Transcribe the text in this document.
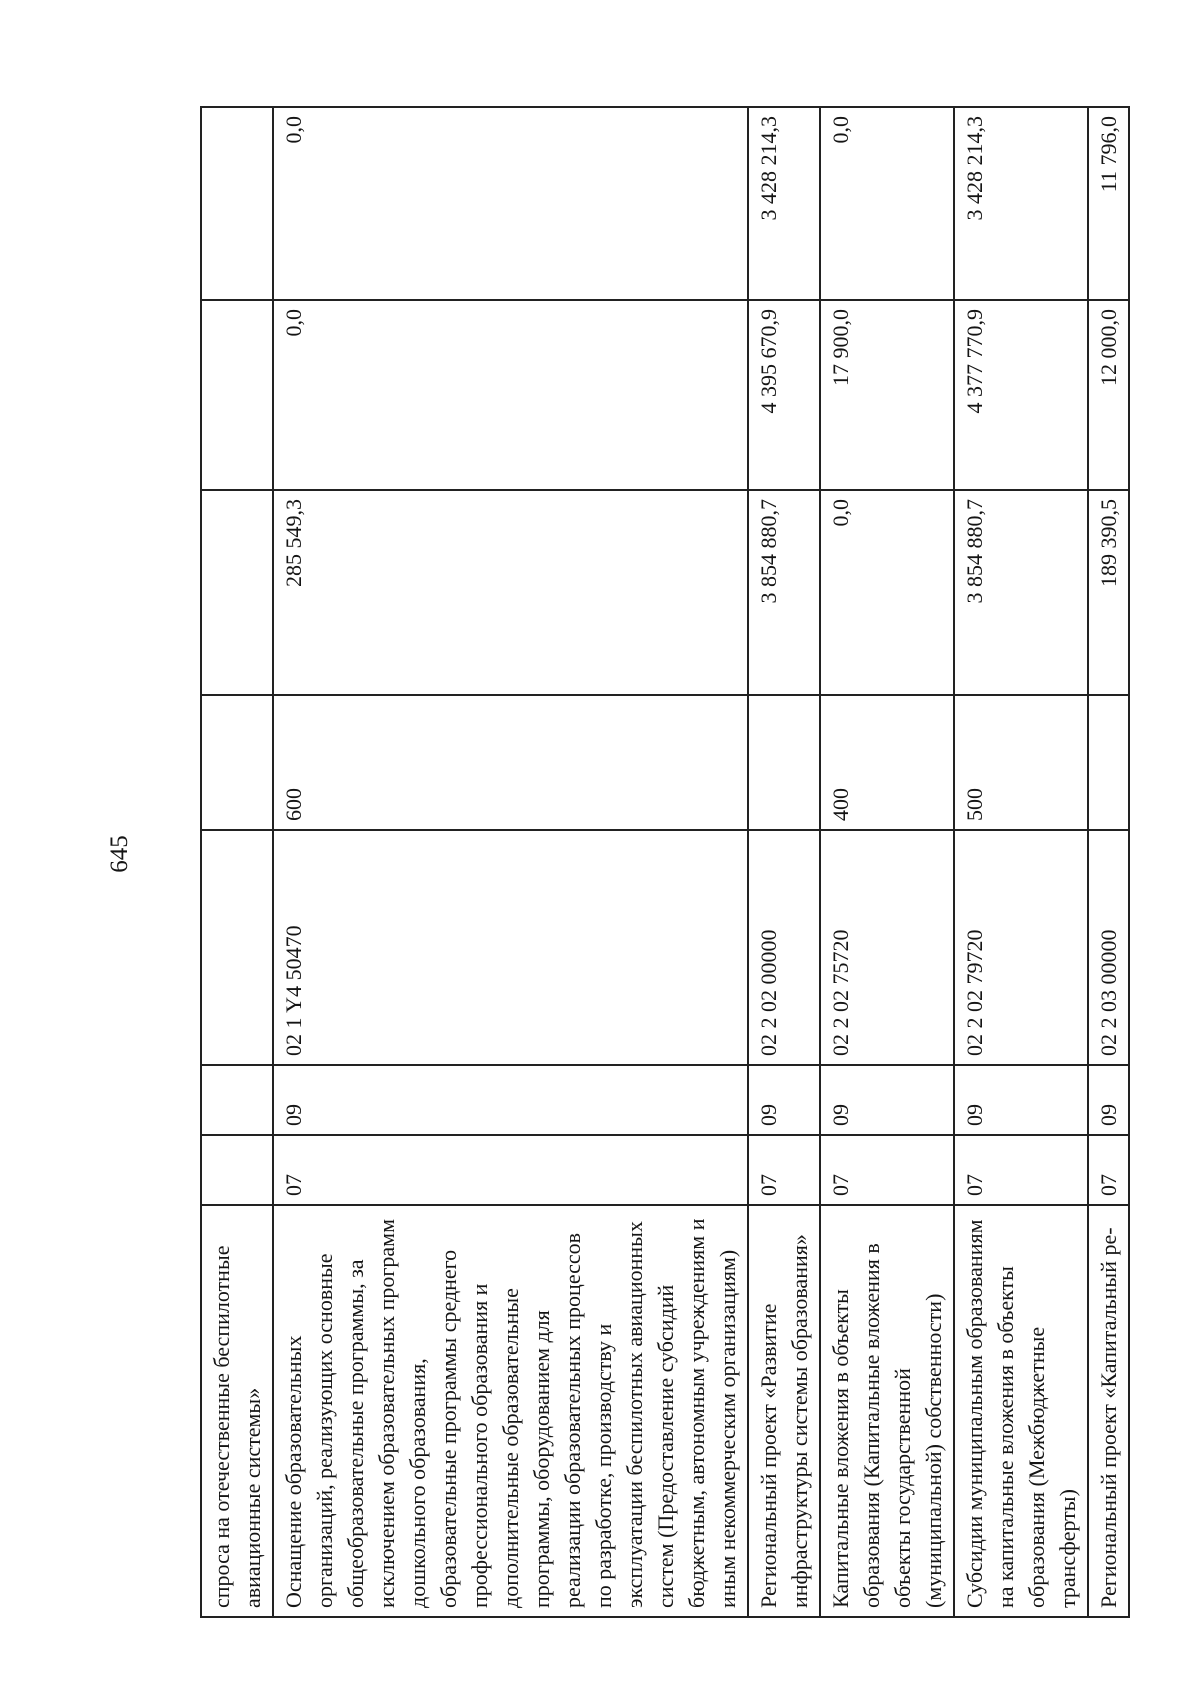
645
спроса на отечественные беспилотные авиационные системы»							
Оснащение образовательных организаций, реализующих основные общеобразовательные программы, за исключением образовательных программ дошкольного образования, образовательные программы среднего профессионального образования и дополнительные образовательные программы, оборудованием для реализации образовательных процессов по разработке, производству и эксплуатации беспилотных авиационных систем (Предоставление субсидий бюджетным, автономным учреждениям и иным некоммерческим организациям)	07	09	02 1 Y4 50470	600	285 549,3	0,0	0,0
Региональный проект «Развитие инфраструктуры системы образования»	07	09	02 2 02 00000		3 854 880,7	4 395 670,9	3 428 214,3
Капитальные вложения в объекты образования (Капитальные вложения в объекты государственной (муниципальной) собственности)	07	09	02 2 02 75720	400	0,0	17 900,0	0,0
Субсидии муниципальным образованиям на капитальные вложения в объекты образования (Межбюджетные трансферты)	07	09	02 2 02 79720	500	3 854 880,7	4 377 770,9	3 428 214,3
Региональный проект «Капитальный ре-	07	09	02 2 03 00000		189 390,5	12 000,0	11 796,0
